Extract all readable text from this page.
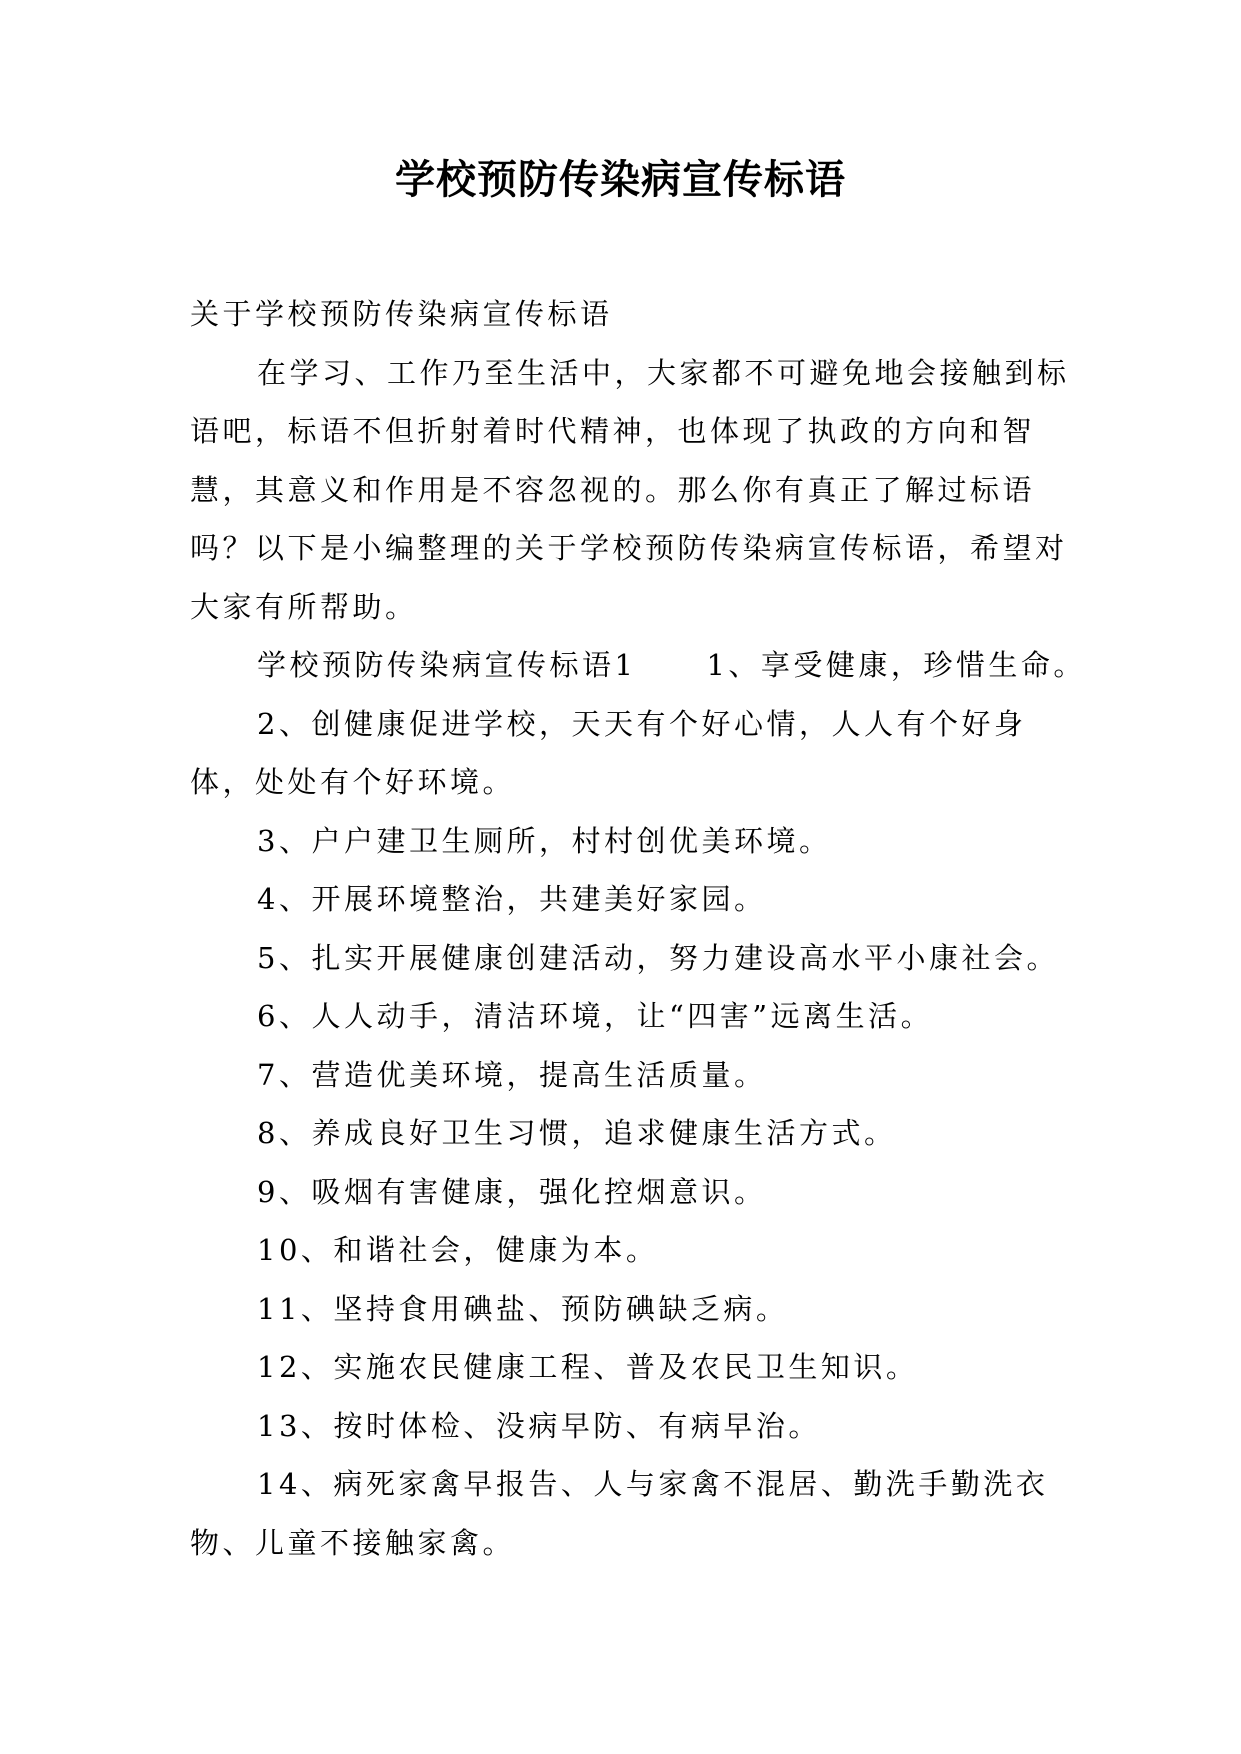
学校预防传染病宣传标语

关于学校预防传染病宣传标语

在学习、工作乃至生活中，大家都不可避免地会接触到标语吧，标语不但折射着时代精神，也体现了执政的方向和智慧，其意义和作用是不容忽视的。那么你有真正了解过标语吗？以下是小编整理的关于学校预防传染病宣传标语，希望对大家有所帮助。

学校预防传染病宣传标语1 1、享受健康，珍惜生命。

2、创健康促进学校，天天有个好心情，人人有个好身体，处处有个好环境。

3、户户建卫生厕所，村村创优美环境。

4、开展环境整治，共建美好家园。

5、扎实开展健康创建活动，努力建设高水平小康社会。

6、人人动手，清洁环境，让“四害”远离生活。

7、营造优美环境，提高生活质量。

8、养成良好卫生习惯，追求健康生活方式。

9、吸烟有害健康，强化控烟意识。

10、和谐社会，健康为本。

11、坚持食用碘盐、预防碘缺乏病。

12、实施农民健康工程、普及农民卫生知识。

13、按时体检、没病早防、有病早治。

14、病死家禽早报告、人与家禽不混居、勤洗手勤洗衣物、儿童不接触家禽。
